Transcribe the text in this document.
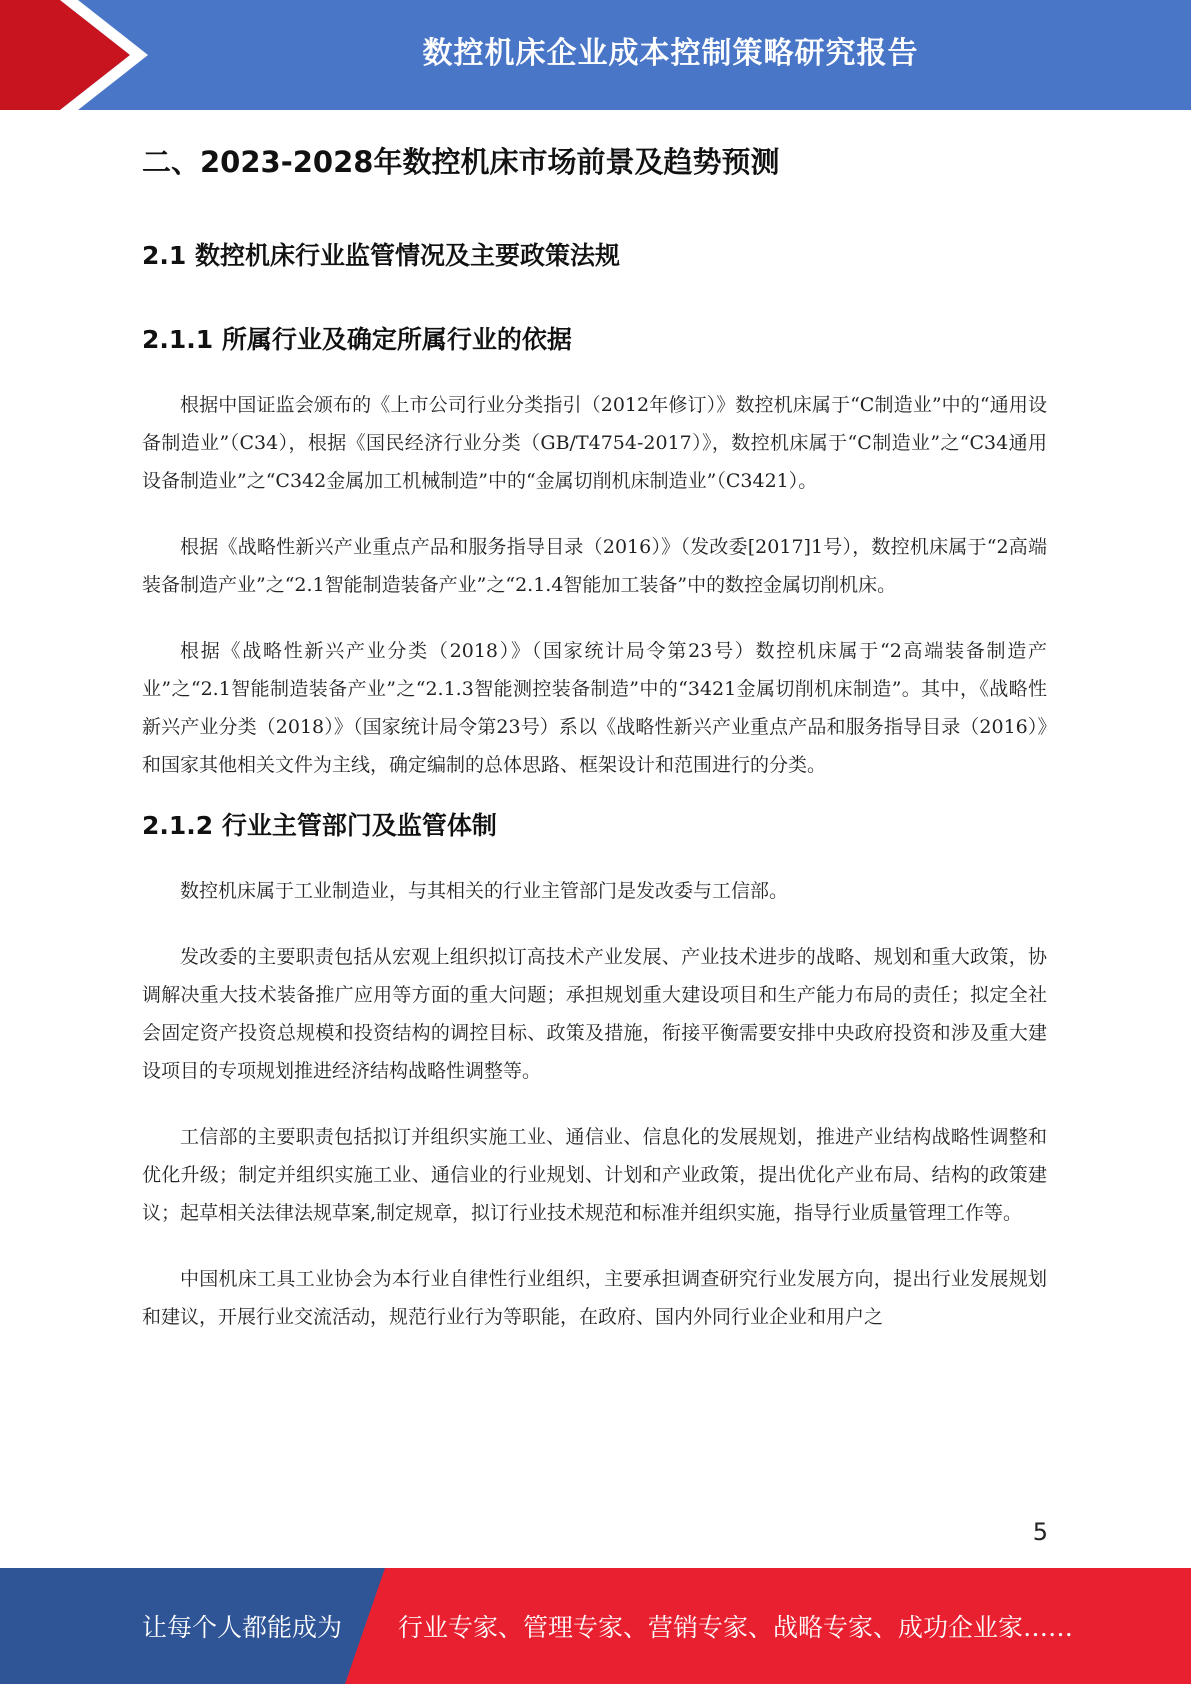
数控机床企业成本控制策略研究报告
二、2023-2028年数控机床市场前景及趋势预测
2.1 数控机床行业监管情况及主要政策法规
2.1.1 所属行业及确定所属行业的依据

根据中国证监会颁布的《上市公司行业分类指引（2012年修订）》数控机床属于“C制造业”中的“通用设备制造业”（C34），根据《国民经济行业分类（GB/T4754-2017）》，数控机床属于“C制造业”之“C34通用设备制造业”之“C342金属加工机械制造”中的“金属切削机床制造业”（C3421）。

根据《战略性新兴产业重点产品和服务指导目录（2016）》（发改委[2017]1号），数控机床属于“2高端装备制造产业”之“2.1智能制造装备产业”之“2.1.4智能加工装备”中的数控金属切削机床。

根据《战略性新兴产业分类（2018）》（国家统计局令第23号）数控机床属于“2高端装备制造产业”之“2.1智能制造装备产业”之“2.1.3智能测控装备制造”中的“3421金属切削机床制造”。其中，《战略性新兴产业分类（2018）》（国家统计局令第23号）系以《战略性新兴产业重点产品和服务指导目录（2016）》和国家其他相关文件为主线，确定编制的总体思路、框架设计和范围进行的分类。

2.1.2 行业主管部门及监管体制

数控机床属于工业制造业，与其相关的行业主管部门是发改委与工信部。

发改委的主要职责包括从宏观上组织拟订高技术产业发展、产业技术进步的战略、规划和重大政策，协调解决重大技术装备推广应用等方面的重大问题；承担规划重大建设项目和生产能力布局的责任；拟定全社会固定资产投资总规模和投资结构的调控目标、政策及措施，衔接平衡需要安排中央政府投资和涉及重大建设项目的专项规划推进经济结构战略性调整等。

工信部的主要职责包括拟订并组织实施工业、通信业、信息化的发展规划，推进产业结构战略性调整和优化升级；制定并组织实施工业、通信业的行业规划、计划和产业政策，提出优化产业布局、结构的政策建议；起草相关法律法规草案,制定规章，拟订行业技术规范和标准并组织实施，指导行业质量管理工作等。

中国机床工具工业协会为本行业自律性行业组织，主要承担调查研究行业发展方向，提出行业发展规划和建议，开展行业交流活动，规范行业行为等职能，在政府、国内外同行业企业和用户之

5
让每个人都能成为 行业专家、管理专家、营销专家、战略专家、成功企业家……
